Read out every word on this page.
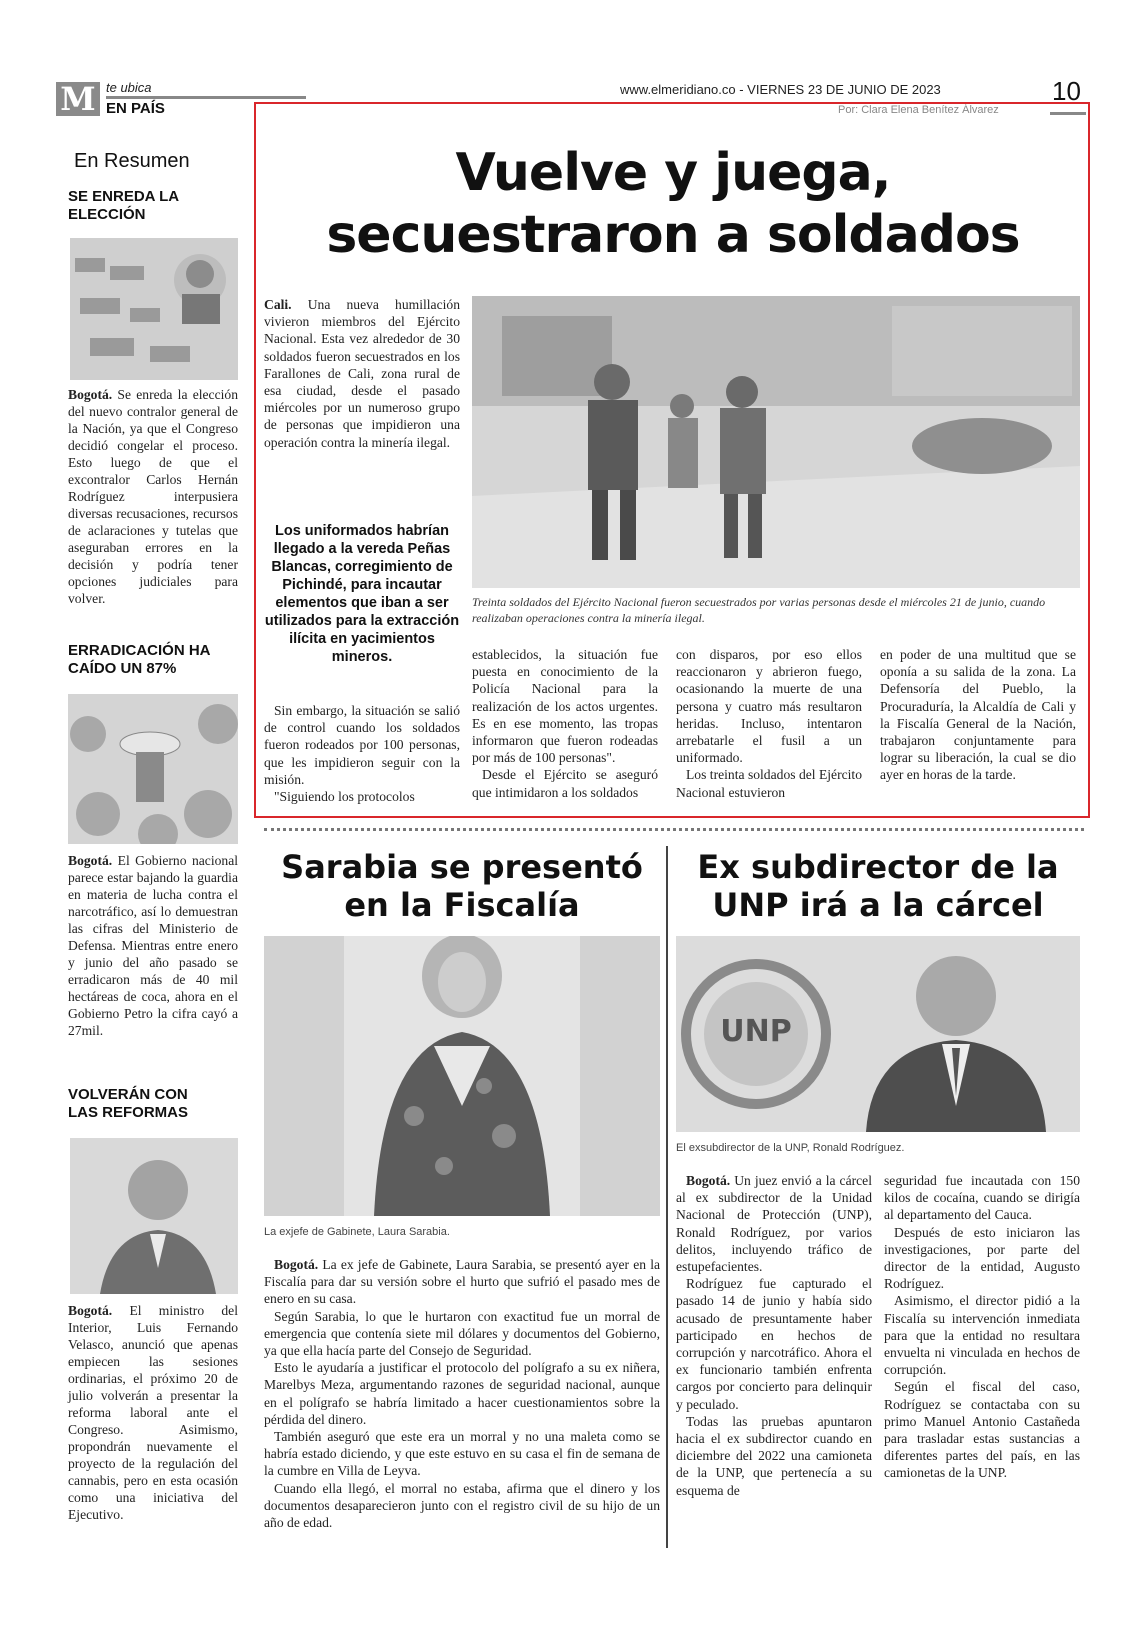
M te ubica
EN PAÍS
www.elmeridiano.co - VIERNES 23 DE JUNIO DE 2023	10
Por: Clara Elena Benítez Álvarez
En Resumen
SE ENREDA LA
ELECCIÓN
Bogotá. Se enreda la elección del nuevo contralor general de la Nación, ya que el Congreso decidió congelar el proceso. Esto luego de que el excontralor Carlos Hernán Rodríguez interpusiera diversas recusaciones, recursos de aclaraciones y tutelas que aseguraban errores en la decisión y podría tener opciones judiciales para volver.
ERRADICACIÓN HA
CAÍDO UN 87%
Bogotá. El Gobierno nacional parece estar bajando la guardia en materia de lucha contra el narcotráfico, así lo demuestran las cifras del Ministerio de Defensa. Mientras entre enero y junio del año pasado se erradicaron más de 40 mil hectáreas de coca, ahora en el Gobierno Petro la cifra cayó a 27mil.
VOLVERÁN CON
LAS REFORMAS
Bogotá. El ministro del Interior, Luis Fernando Velasco, anunció que apenas empiecen las sesiones ordinarias, el próximo 20 de julio volverán a presentar la reforma laboral ante el Congreso. Asimismo, propondrán nuevamente el proyecto de la regulación del cannabis, pero en esta ocasión como una iniciativa del Ejecutivo.
Vuelve y juega,
secuestraron a soldados
Cali. Una nueva humillación vivieron miembros del Ejército Nacional. Esta vez alrededor de 30 soldados fueron secuestrados en los Farallones de Cali, zona rural de esa ciudad, desde el pasado miércoles por un numeroso grupo de personas que impidieron una operación contra la minería ilegal.
Los uniformados habrían llegado a la vereda Peñas Blancas, corregimiento de Pichindé, para incautar elementos que iban a ser utilizados para la extracción ilícita en yacimientos mineros.
Sin embargo, la situación se salió de control cuando los soldados fueron rodeados por 100 personas, que les impidieron seguir con la misión.
"Siguiendo los protocolos
Treinta soldados del Ejército Nacional fueron secuestrados por varias personas desde el miércoles 21 de junio, cuando realizaban operaciones contra la minería ilegal.
establecidos, la situación fue puesta en conocimiento de la Policía Nacional para la realización de los actos urgentes. Es en ese momento, las tropas informaron que fueron rodeadas por más de 100 personas".
Desde el Ejército se aseguró que intimidaron a los soldados
con disparos, por eso ellos reaccionaron y abrieron fuego, ocasionando la muerte de una persona y cuatro más resultaron heridas. Incluso, intentaron arrebatarle el fusil a un uniformado.
Los treinta soldados del Ejército Nacional estuvieron
en poder de una multitud que se oponía a su salida de la zona. La Defensoría del Pueblo, la Procuraduría, la Alcaldía de Cali y la Fiscalía General de la Nación, trabajaron conjuntamente para lograr su liberación, la cual se dio ayer en horas de la tarde.
Sarabia se presentó
en la Fiscalía
La exjefe de Gabinete, Laura Sarabia.
Bogotá. La ex jefe de Gabinete, Laura Sarabia, se presentó ayer en la Fiscalía para dar su versión sobre el hurto que sufrió el pasado mes de enero en su casa.
Según Sarabia, lo que le hurtaron con exactitud fue un morral de emergencia que contenía siete mil dólares y documentos del Gobierno, ya que ella hacía parte del Consejo de Seguridad.
Esto le ayudaría a justificar el protocolo del polígrafo a su ex niñera, Marelbys Meza, argumentando razones de seguridad nacional, aunque en el polígrafo se habría limitado a hacer cuestionamientos sobre la pérdida del dinero.
También aseguró que este era un morral y no una maleta como se habría estado diciendo, y que este estuvo en su casa el fin de semana de la cumbre en Villa de Leyva.
Cuando ella llegó, el morral no estaba, afirma que el dinero y los documentos desaparecieron junto con el registro civil de su hijo de un año de edad.
Ex subdirector de la
UNP irá a la cárcel
UNP
El exsubdirector de la UNP, Ronald Rodríguez.
Bogotá. Un juez envió a la cárcel al ex subdirector de la Unidad Nacional de Protección (UNP), Ronald Rodríguez, por varios delitos, incluyendo tráfico de estupefacientes.
Rodríguez fue capturado el pasado 14 de junio y había sido acusado de presuntamente haber participado en hechos de corrupción y narcotráfico. Ahora el ex funcionario también enfrenta cargos por concierto para delinquir y peculado.
Todas las pruebas apuntaron hacia el ex subdirector cuando en diciembre del 2022 una camioneta de la UNP, que pertenecía a su esquema de
seguridad fue incautada con 150 kilos de cocaína, cuando se dirigía al departamento del Cauca.
Después de esto iniciaron las investigaciones, por parte del director de la entidad, Augusto Rodríguez.
Asimismo, el director pidió a la Fiscalía su intervención inmediata para que la entidad no resultara envuelta ni vinculada en hechos de corrupción.
Según el fiscal del caso, Rodríguez se contactaba con su primo Manuel Antonio Castañeda para trasladar estas sustancias a diferentes partes del país, en las camionetas de la UNP.
